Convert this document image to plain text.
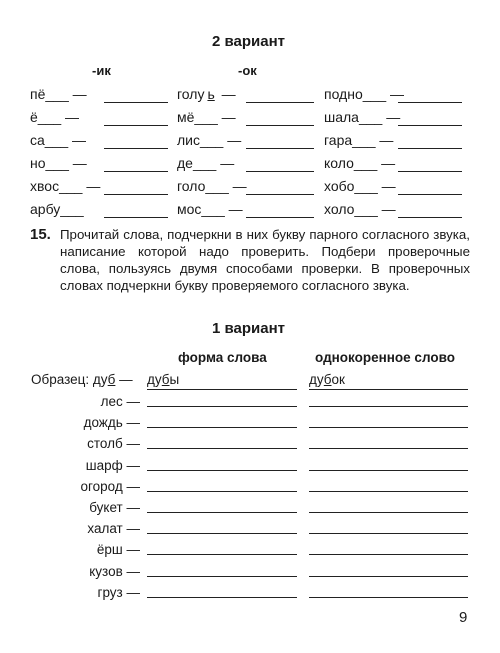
2 вариант
-ик	-ок
пё___ —	голу ь —	подно___ —
ё___ —	мё___ —	шала___ —
са___ —	лис___ —	гара___ —
но___ —	де___ —	коло___ —
хвос___ —	голо___ —	хобо___ —
арбу___	мос___ —	холо___ —
15. Прочитай слова, подчеркни в них букву парного согласного звука, написание которой надо проверить. Подбери проверочные слова, пользуясь двумя способами проверки. В проверочных словах подчеркни букву проверяемого согласного звука.
1 вариант
форма слова	однокоренное слово
Образец: дуб — дубы	дубок
лес —
дождь —
столб —
шарф —
огород —
букет —
халат —
ёрш —
кузов —
груз —
9
